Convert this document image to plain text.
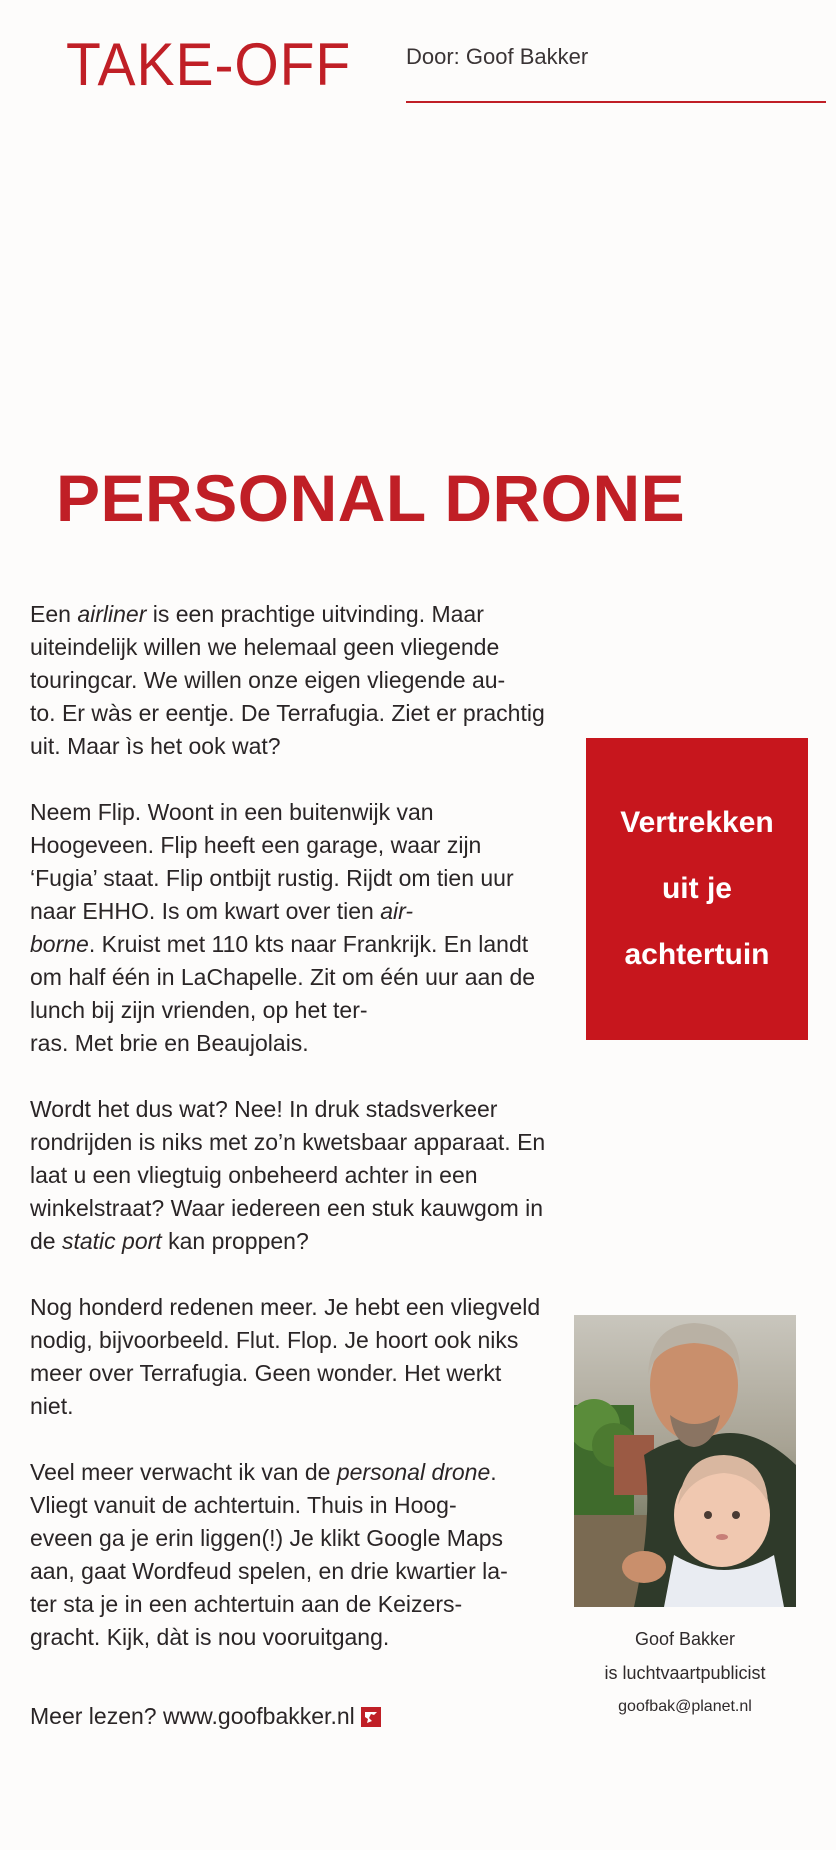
TAKE-OFF Door: Goof Bakker
PERSONAL DRONE

Een airliner is een prachtige uitvinding. Maar uiteindelijk willen we helemaal geen vliegende touringcar. We willen onze eigen vliegende au-
to. Er wàs er eentje. De Terrafugia. Ziet er prachtig uit. Maar ìs het ook wat?

Neem Flip. Woont in een buitenwijk van Hoogeveen. Flip heeft een garage, waar zijn ‘Fugia’ staat. Flip ontbijt rustig. Rijdt om tien uur naar EHHO. Is om kwart over tien air-
borne. Kruist met 110 kts naar Frankrijk. En landt om half één in LaChapelle. Zit om één uur aan de lunch bij zijn vrienden, op het ter-
ras. Met brie en Beaujolais.

Wordt het dus wat? Nee! In druk stadsverkeer rondrijden is niks met zo’n kwetsbaar apparaat. En laat u een vliegtuig onbeheerd achter in een winkelstraat? Waar iedereen een stuk kauwgom in de static port kan proppen?

Nog honderd redenen meer. Je hebt een vliegveld nodig, bijvoorbeeld. Flut. Flop. Je hoort ook niks meer over Terrafugia. Geen wonder. Het werkt niet.

Veel meer verwacht ik van de personal drone. Vliegt vanuit de achtertuin. Thuis in Hoog-
eveen ga je erin liggen(!) Je klikt Google Maps aan, gaat Wordfeud spelen, en drie kwartier la-
ter sta je in een achtertuin aan de Keizers-
gracht. Kijk, dàt is nou vooruitgang.

Meer lezen? www.goofbakker.nl
Vertrekken
uit je
achtertuin
Goof Bakker
is luchtvaartpublicist
goofbak@planet.nl
